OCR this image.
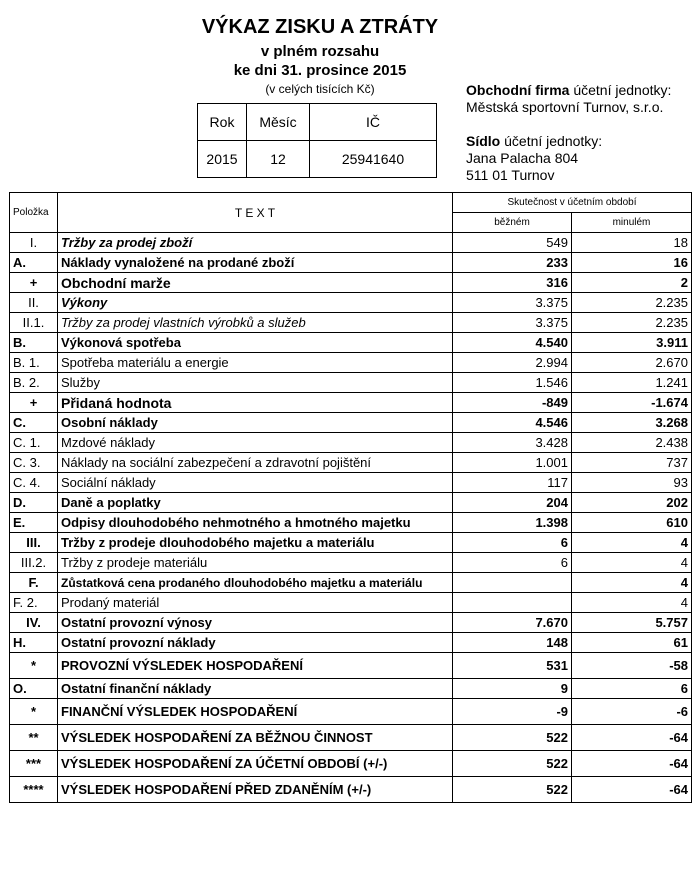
VÝKAZ ZISKU A ZTRÁTY
v plném rozsahu
ke dni 31. prosince 2015
(v celých tisících Kč)
Rok	Měsíc	IČ
2015	12	25941640
Obchodní firma účetní jednotky:
Městská sportovní Turnov, s.r.o.
Sídlo účetní jednotky:
Jana Palacha 804
511 01 Turnov
Položka	T E X T	Skutečnost v účetním období	
		běžném	minulém
I.	Tržby za prodej zboží	549	18
A.	Náklady vynaložené na prodané zboží	233	16
+	Obchodní marže	316	2
II.	Výkony	3.375	2.235
II.1.	Tržby za prodej vlastních výrobků a služeb	3.375	2.235
B.	Výkonová spotřeba	4.540	3.911
B. 1.	Spotřeba materiálu a energie	2.994	2.670
B. 2.	Služby	1.546	1.241
+	Přidaná hodnota	-849	-1.674
C.	Osobní náklady	4.546	3.268
C. 1.	Mzdové náklady	3.428	2.438
C. 3.	Náklady na sociální zabezpečení a zdravotní pojištění	1.001	737
C. 4.	Sociální náklady	117	93
D.	Daně a poplatky	204	202
E.	Odpisy dlouhodobého nehmotného a hmotného majetku	1.398	610
III.	Tržby z prodeje dlouhodobého majetku a materiálu	6	4
III.2.	Tržby z prodeje materiálu	6	4
F.	Zůstatková cena prodaného dlouhodobého majetku a materiálu		4
F. 2.	Prodaný materiál		4
IV.	Ostatní provozní výnosy	7.670	5.757
H.	Ostatní provozní náklady	148	61
*	PROVOZNÍ VÝSLEDEK HOSPODAŘENÍ	531	-58
O.	Ostatní finanční náklady	9	6
*	FINANČNÍ VÝSLEDEK HOSPODAŘENÍ	-9	-6
**	VÝSLEDEK HOSPODAŘENÍ ZA BĚŽNOU ČINNOST	522	-64
***	VÝSLEDEK HOSPODAŘENÍ ZA ÚČETNÍ OBDOBÍ (+/-)	522	-64
****	VÝSLEDEK HOSPODAŘENÍ PŘED ZDANĚNÍM (+/-)	522	-64
